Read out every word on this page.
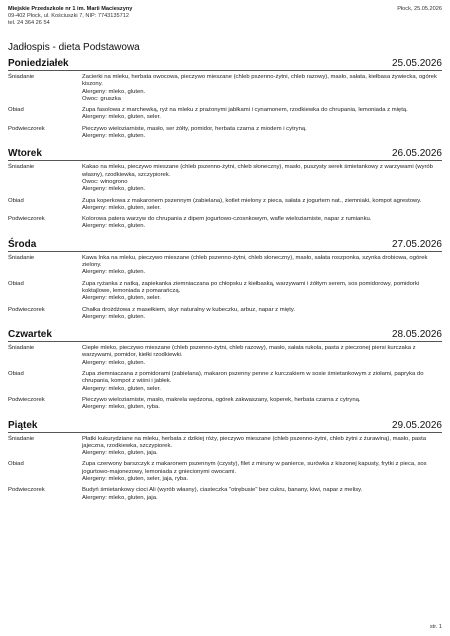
Miejskie Przedszkole nr 1 im. Marii Macieszyny
09-402 Płock, ul. Kościuszki 7, NIP: 7743135712
tel. 24 364 26 54
Płock, 25.05.2026
Jadłospis - dieta Podstawowa
Poniedziałek	25.05.2026
Śniadanie	Zacierki na mleku, herbata owocowa, pieczywo mieszane (chleb pszenno-żytni, chleb razowy), masło, sałata, kiełbasa żywiecka, ogórek kiszony.
Alergeny: mleko, gluten.
Owoc: gruszka
Obiad	Zupa fasolowa z marchewką, ryż na mleku z prażonymi jabłkami i cynamonem, rzodkiewka do chrupania, lemoniada z miętą.
Alergeny: mleko, gluten, seler.
Podwieczorek	Pieczywo wieloziarniste, masło, ser żółty, pomidor, herbata czarna z miodem i cytryną.
Alergeny: mleko, gluten.
Wtorek	26.05.2026
Śniadanie	Kakao na mleku, pieczywo mieszane (chleb pszenno-żytni, chleb słoneczny), masło, puszysty serek śmietankowy z warzywami (wyrób własny), rzodkiewka, szczypiorek.
Owoc: winogrono
Alergeny: mleko, gluten.
Obiad	Zupa koperkowa z makaronem pszennym (zabielana), kotlet mielony z pieca, sałata z jogurtem nat., ziemniaki, kompot agrestowy.
Alergeny: mleko, gluten, seler.
Podwieczorek	Kolorowa patera warzyw do chrupania z dipem jogurtowo-czosnkowym, wafle wieloziarniste, napar z rumianku.
Alergeny: mleko, gluten.
Środa	27.05.2026
Śniadanie	Kawa Inka na mleku, pieczywo mieszane (chleb pszenno-żytni, chleb słoneczny), masło, sałata roszponka, szynka drobiowa, ogórek zielony.
Alergeny: mleko, gluten.
Obiad	Zupa ryżanka z natką, zapiekanka ziemniaczana po chłopsku z kiełbaską, warzywami i żółtym serem, sos pomidorowy, pomidorki koktajlowe, lemoniada z pomarańczą.
Alergeny: mleko, gluten, seler.
Podwieczorek	Chałka drożdżowa z masełkiem, skyr naturalny w kubeczku, arbuz, napar z mięty.
Alergeny: mleko, gluten.
Czwartek	28.05.2026
Śniadanie	Ciepłe mleko, pieczywo mieszane (chleb pszenno-żytni, chleb razowy), masło, sałata rukola, pasta z pieczonej piersi kurczaka z warzywami, pomidor, kiełki rzodkiewki.
Alergeny: mleko, gluten.
Obiad	Zupa ziemniaczana z pomidorami (zabielana), makaron pszenny penne z kurczakiem w sosie śmietankowym z ziołami, papryka do chrupania, kompot z wiśni i jabłek.
Alergeny: mleko, gluten, seler.
Podwieczorek	Pieczywo wieloziarniste, masło, makrela wędzona, ogórek zakwaszany, koperek, herbata czarna z cytryną.
Alergeny: mleko, gluten, ryba.
Piątek	29.05.2026
Śniadanie	Płatki kukurydziane na mleku, herbata z dzikiej róży, pieczywo mieszane (chleb pszenno-żytni, chleb żytni z żurawiną), masło, pasta jajeczna, rzodkiewka, szczypiorek.
Alergeny: mleko, gluten, jaja.
Obiad	Zupa czerwony barszczyk z makaronem pszennym (czysty), filet z miruny w panierce, surówka z kiszonej kapusty, frytki z pieca, sos jogurtowo-majonezowy, lemoniada z gniecionymi owocami.
Alergeny: mleko, gluten, seler, jaja, ryba.
Podwieczorek	Budyń śmietankowy cioci Ali (wyrób własny), ciasteczka "otrębusie" bez cukru, banany, kiwi, napar z melisy.
Alergeny: mleko, gluten, jaja.
str. 1
